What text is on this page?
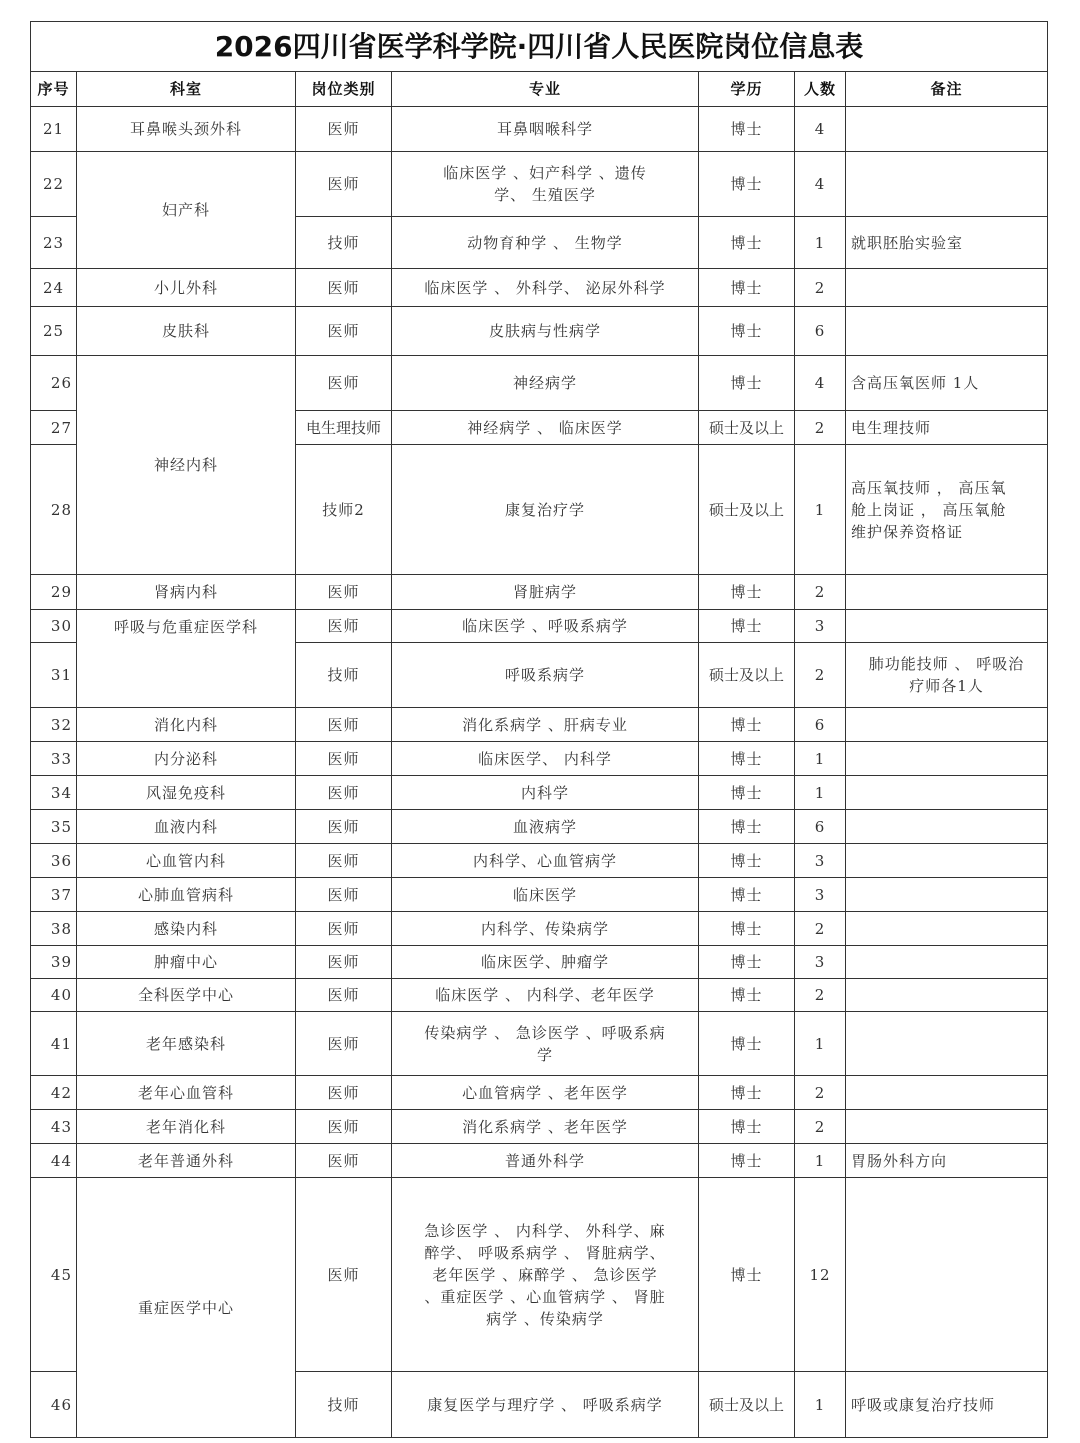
2026四川省医学科学院·四川省人民医院岗位信息表						
序号	科室	岗位类别	专业	学历	人数	备注
21	耳鼻喉头颈外科	医师	耳鼻咽喉科学	博士	4	
22	妇产科	医师	临床医学 、妇产科学 、遗传学、 生殖医学	博士	4	
23		技师	动物育种学 、 生物学	博士	1	就职胚胎实验室
24	小儿外科	医师	临床医学 、 外科学、 泌尿外科学	博士	2	
25	皮肤科	医师	皮肤病与性病学	博士	6	
26	神经内科	医师	神经病学	博士	4	含高压氧医师 1人
27		电生理技师	神经病学 、 临床医学	硕士及以上	2	电生理技师
28		技师2	康复治疗学	硕士及以上	1	高压氧技师 ， 高压氧舱上岗证 ， 高压氧舱维护保养资格证
29	肾病内科	医师	肾脏病学	博士	2	
30	呼吸与危重症医学科	医师	临床医学 、呼吸系病学	博士	3	
31		技师	呼吸系病学	硕士及以上	2	肺功能技师 、 呼吸治疗师各1人
32	消化内科	医师	消化系病学 、肝病专业	博士	6	
33	内分泌科	医师	临床医学、 内科学	博士	1	
34	风湿免疫科	医师	内科学	博士	1	
35	血液内科	医师	血液病学	博士	6	
36	心血管内科	医师	内科学、心血管病学	博士	3	
37	心肺血管病科	医师	临床医学	博士	3	
38	感染内科	医师	内科学、传染病学	博士	2	
39	肿瘤中心	医师	临床医学、肿瘤学	博士	3	
40	全科医学中心	医师	临床医学 、 内科学、老年医学	博士	2	
41	老年感染科	医师	传染病学 、 急诊医学 、呼吸系病学	博士	1	
42	老年心血管科	医师	心血管病学 、老年医学	博士	2	
43	老年消化科	医师	消化系病学 、老年医学	博士	2	
44	老年普通外科	医师	普通外科学	博士	1	胃肠外科方向
45	重症医学中心	医师	急诊医学 、 内科学、 外科学、麻醉学、 呼吸系病学 、 肾脏病学、老年医学 、麻醉学 、 急诊医学 、重症医学 、心血管病学 、 肾脏病学 、传染病学	博士	12	
46		技师	康复医学与理疗学 、 呼吸系病学	硕士及以上	1	呼吸或康复治疗技师
